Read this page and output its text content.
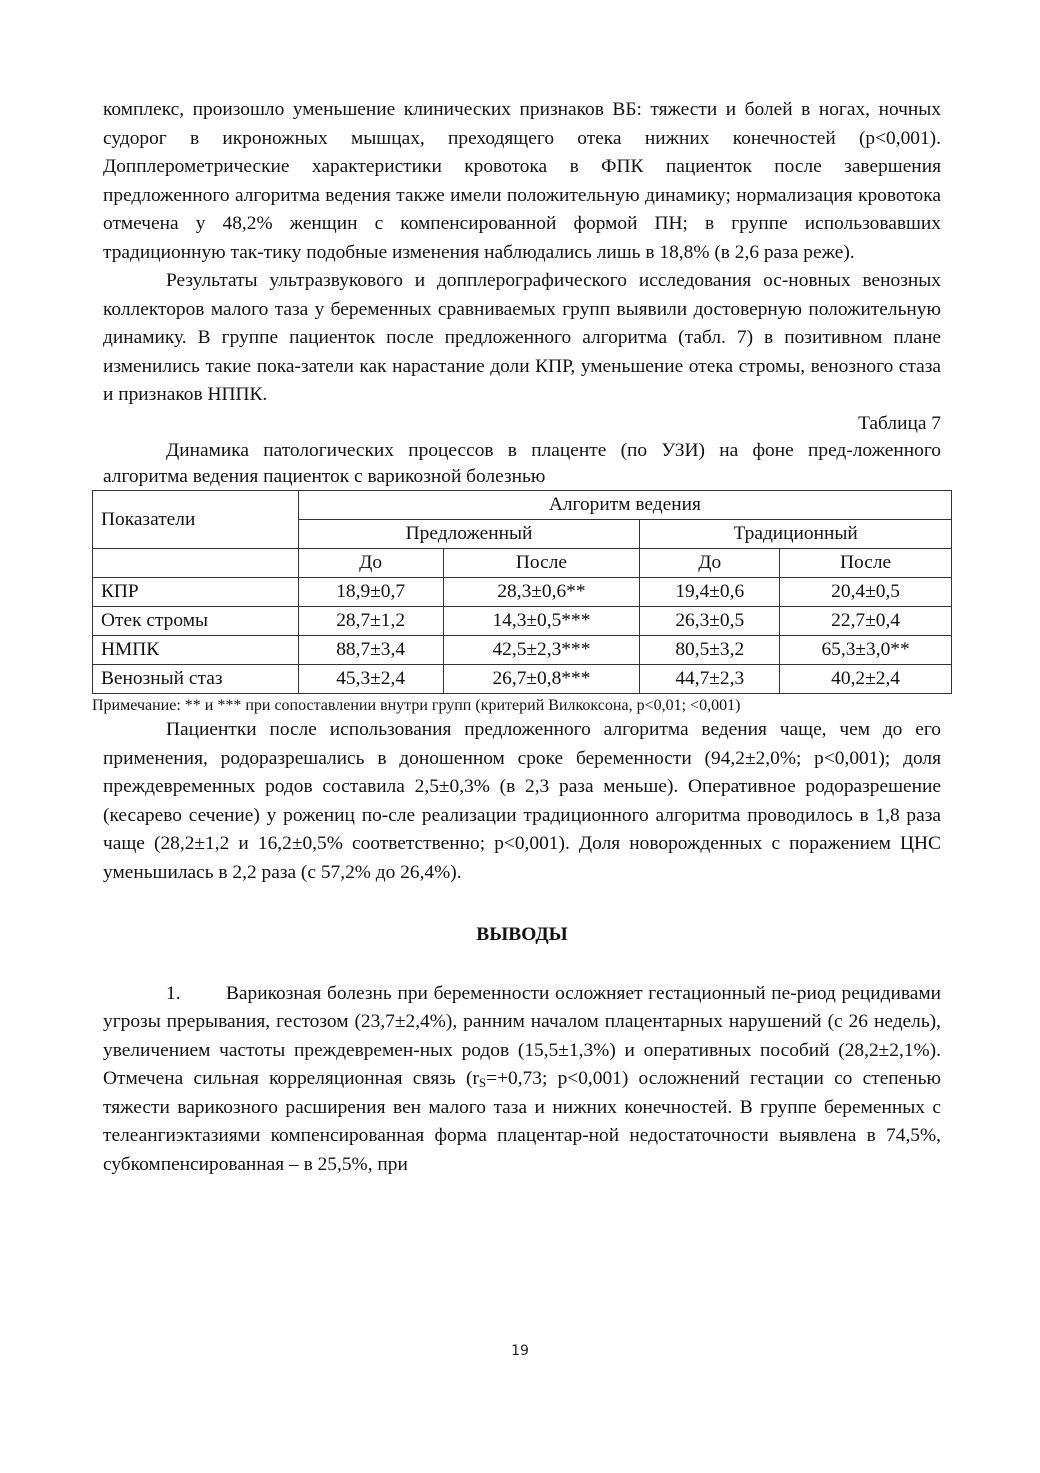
комплекс, произошло уменьшение клинических признаков ВБ: тяжести и болей в ногах, ночных судорог в икроножных мышцах, преходящего отека нижних конечностей (р<0,001). Допплерометрические характеристики кровотока в ФПК пациенток после завершения предложенного алгоритма ведения также имели положительную динамику; нормализация кровотока отмечена у 48,2% женщин с компенсированной формой ПН; в группе использовавших традиционную так-тику подобные изменения наблюдались лишь в 18,8% (в 2,6 раза реже).

Результаты ультразвукового и допплерографического исследования ос-новных венозных коллекторов малого таза у беременных сравниваемых групп выявили достоверную положительную динамику. В группе пациенток после предложенного алгоритма (табл. 7) в позитивном плане изменились такие пока-затели как нарастание доли КПР, уменьшение отека стромы, венозного стаза и признаков НППК.

Таблица 7

Динамика патологических процессов в плаценте (по УЗИ) на фоне пред-ложенного алгоритма ведения пациенток с варикозной болезнью

Показатели	Алгоритм ведения			
	Предложенный		Традиционный	
	До	После	До	После
КПР	18,9±0,7	28,3±0,6**	19,4±0,6	20,4±0,5
Отек стромы	28,7±1,2	14,3±0,5***	26,3±0,5	22,7±0,4
НМПК	88,7±3,4	42,5±2,3***	80,5±3,2	65,3±3,0**
Венозный стаз	45,3±2,4	26,7±0,8***	44,7±2,3	40,2±2,4

Примечание: ** и *** при сопоставлении внутри групп (критерий Вилкоксона, р<0,01; <0,001)

Пациентки после использования предложенного алгоритма ведения чаще, чем до его применения, родоразрешались в доношенном сроке беременности (94,2±2,0%; р<0,001); доля преждевременных родов составила 2,5±0,3% (в 2,3 раза меньше). Оперативное родоразрешение (кесарево сечение) у рожениц по-сле реализации традиционного алгоритма проводилось в 1,8 раза чаще (28,2±1,2 и 16,2±0,5% соответственно; р<0,001). Доля новорожденных с поражением ЦНС уменьшилась в 2,2 раза (с 57,2% до 26,4%).

ВЫВОДЫ

1. Варикозная болезнь при беременности осложняет гестационный пе-риод рецидивами угрозы прерывания, гестозом (23,7±2,4%), ранним началом плацентарных нарушений (с 26 недель), увеличением частоты преждевремен-ных родов (15,5±1,3%) и оперативных пособий (28,2±2,1%). Отмечена сильная корреляционная связь ($r_S=+0,73$; р<0,001) осложнений гестации со степенью тяжести варикозного расширения вен малого таза и нижних конечностей. В группе беременных с телеангиэктазиями компенсированная форма плацентар-ной недостаточности выявлена в 74,5%, субкомпенсированная – в 25,5%, при

19
